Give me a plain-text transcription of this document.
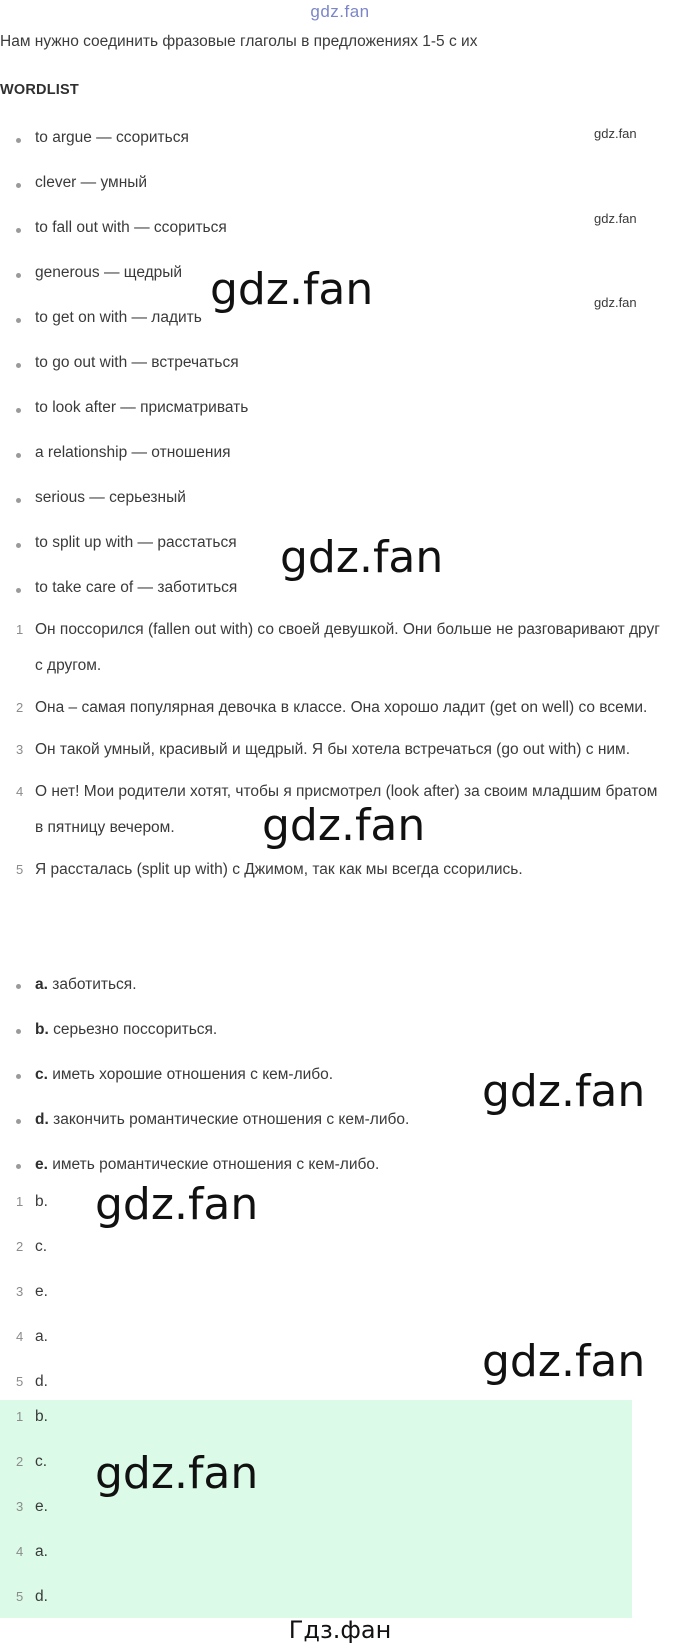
gdz.fan
Нам нужно соединить фразовые глаголы в предложениях 1-5 с их
WORDLIST
to argue — ссориться
clever — умный
to fall out with — ссориться
generous — щедрый
to get on with — ладить
to go out with — встречаться
to look after — присматривать
a relationship — отношения
serious — серьезный
to split up with — расстаться
to take care of — заботиться
1 Он поссорился (fallen out with) со своей девушкой. Они больше не разговаривают друг с другом.
2 Она – самая популярная девочка в классе. Она хорошо ладит (get on well) со всеми.
3 Он такой умный, красивый и щедрый. Я бы хотела встречаться (go out with) с ним.
4 О нет! Мои родители хотят, чтобы я присмотрел (look after) за своим младшим братом в пятницу вечером.
5 Я рассталась (split up with) с Джимом, так как мы всегда ссорились.
a. заботиться.
b. серьезно поссориться.
c. иметь хорошие отношения с кем-либо.
d. закончить романтические отношения с кем-либо.
e. иметь романтические отношения с кем-либо.
1 b.
2 c.
3 e.
4 a.
5 d.
1 b.
2 c.
3 e.
4 a.
5 d.
gdz.fan
gdz.fan
gdz.fan
gdz.fan
gdz.fan
gdz.fan
gdz.fan
gdz.fan
gdz.fan
gdz.fan
Гдз.фан
